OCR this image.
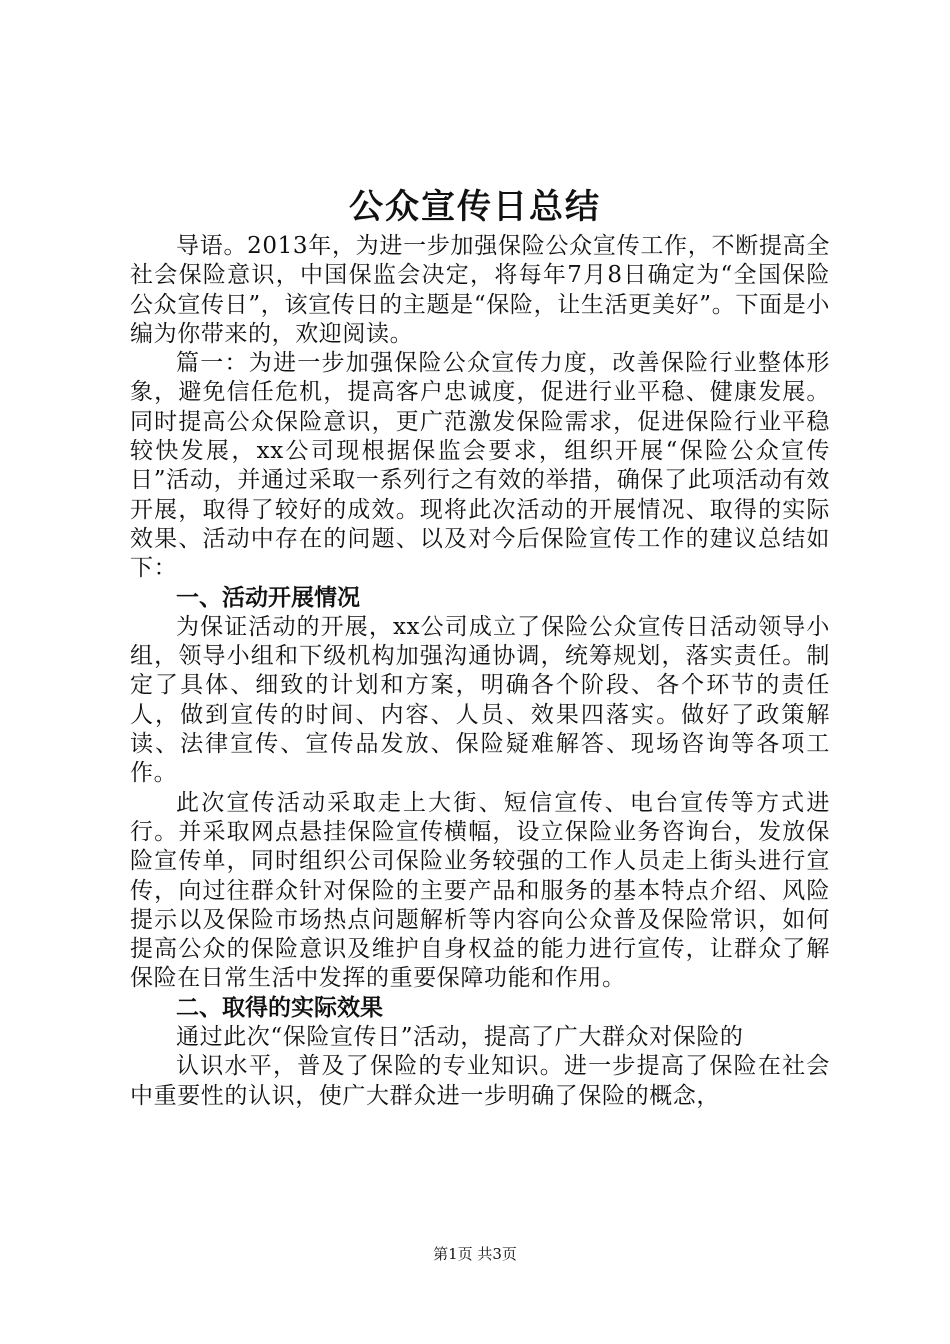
公众宣传日总结

导语。2013年，为进一步加强保险公众宣传工作，不断提高全社会保险意识，中国保监会决定，将每年7月8日确定为“全国保险公众宣传日”，该宣传日的主题是“保险，让生活更美好”。下面是小编为你带来的，欢迎阅读。

篇一：为进一步加强保险公众宣传力度，改善保险行业整体形象，避免信任危机，提高客户忠诚度，促进行业平稳、健康发展。同时提高公众保险意识，更广范激发保险需求，促进保险行业平稳较快发展，xx公司现根据保监会要求，组织开展“保险公众宣传日”活动，并通过采取一系列行之有效的举措，确保了此项活动有效开展，取得了较好的成效。现将此次活动的开展情况、取得的实际效果、活动中存在的问题、以及对今后保险宣传工作的建议总结如下：

一、活动开展情况

为保证活动的开展，xx公司成立了保险公众宣传日活动领导小组，领导小组和下级机构加强沟通协调，统筹规划，落实责任。制定了具体、细致的计划和方案，明确各个阶段、各个环节的责任人，做到宣传的时间、内容、人员、效果四落实。做好了政策解读、法律宣传、宣传品发放、保险疑难解答、现场咨询等各项工作。

此次宣传活动采取走上大街、短信宣传、电台宣传等方式进行。并采取网点悬挂保险宣传横幅，设立保险业务咨询台，发放保险宣传单，同时组织公司保险业务较强的工作人员走上街头进行宣传，向过往群众针对保险的主要产品和服务的基本特点介绍、风险提示以及保险市场热点问题解析等内容向公众普及保险常识，如何提高公众的保险意识及维护自身权益的能力进行宣传，让群众了解保险在日常生活中发挥的重要保障功能和作用。

二、取得的实际效果

通过此次“保险宣传日”活动，提高了广大群众对保险的

认识水平，普及了保险的专业知识。进一步提高了保险在社会中重要性的认识，使广大群众进一步明确了保险的概念，

第1页 共3页
